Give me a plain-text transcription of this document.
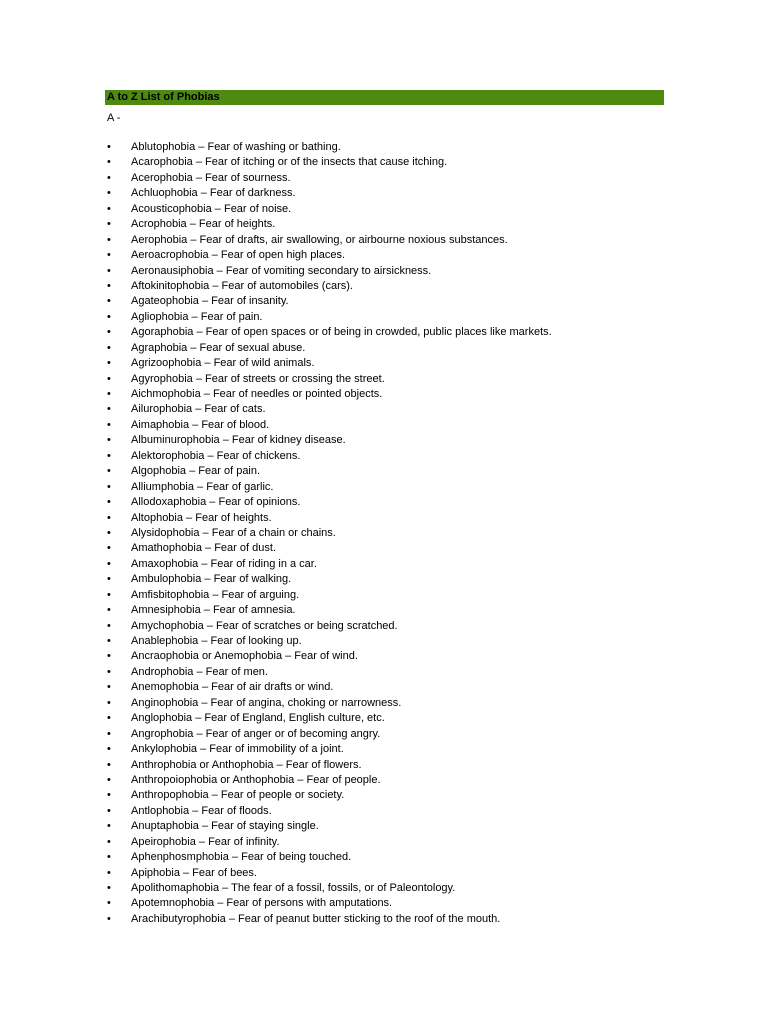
A to Z List of Phobias
A -
•	Ablutophobia – Fear of washing or bathing.
•	Acarophobia – Fear of itching or of the insects that cause itching.
•	Acerophobia – Fear of sourness.
•	Achluophobia – Fear of darkness.
•	Acousticophobia – Fear of noise.
•	Acrophobia – Fear of heights.
•	Aerophobia – Fear of drafts, air swallowing, or airbourne noxious substances.
•	Aeroacrophobia – Fear of open high places.
•	Aeronausiphobia – Fear of vomiting secondary to airsickness.
•	Aftokinitophobia – Fear of automobiles (cars).
•	Agateophobia – Fear of insanity.
•	Agliophobia – Fear of pain.
•	Agoraphobia – Fear of open spaces or of being in crowded, public places like markets.
•	Agraphobia – Fear of sexual abuse.
•	Agrizoophobia – Fear of wild animals.
•	Agyrophobia – Fear of streets or crossing the street.
•	Aichmophobia – Fear of needles or pointed objects.
•	Ailurophobia – Fear of cats.
•	Aimaphobia – Fear of blood.
•	Albuminurophobia – Fear of kidney disease.
•	Alektorophobia – Fear of chickens.
•	Algophobia – Fear of pain.
•	Alliumphobia – Fear of garlic.
•	Allodoxaphobia – Fear of opinions.
•	Altophobia – Fear of heights.
•	Alysidophobia – Fear of a chain or chains.
•	Amathophobia – Fear of dust.
•	Amaxophobia – Fear of riding in a car.
•	Ambulophobia – Fear of walking.
•	Amfisbitophobia – Fear of arguing.
•	Amnesiphobia – Fear of amnesia.
•	Amychophobia – Fear of scratches or being scratched.
•	Anablephobia – Fear of looking up.
•	Ancraophobia or Anemophobia – Fear of wind.
•	Androphobia – Fear of men.
•	Anemophobia – Fear of air drafts or wind.
•	Anginophobia – Fear of angina, choking or narrowness.
•	Anglophobia – Fear of England, English culture, etc.
•	Angrophobia – Fear of anger or of becoming angry.
•	Ankylophobia – Fear of immobility of a joint.
•	Anthrophobia or Anthophobia – Fear of flowers.
•	Anthropoiophobia or Anthophobia – Fear of people.
•	Anthropophobia – Fear of people or society.
•	Antlophobia – Fear of floods.
•	Anuptaphobia – Fear of staying single.
•	Apeirophobia – Fear of infinity.
•	Aphenphosmphobia – Fear of being touched.
•	Apiphobia – Fear of bees.
•	Apolithomaphobia – The fear of a fossil, fossils, or of Paleontology.
•	Apotemnophobia – Fear of persons with amputations.
•	Arachibutyrophobia – Fear of peanut butter sticking to the roof of the mouth.
